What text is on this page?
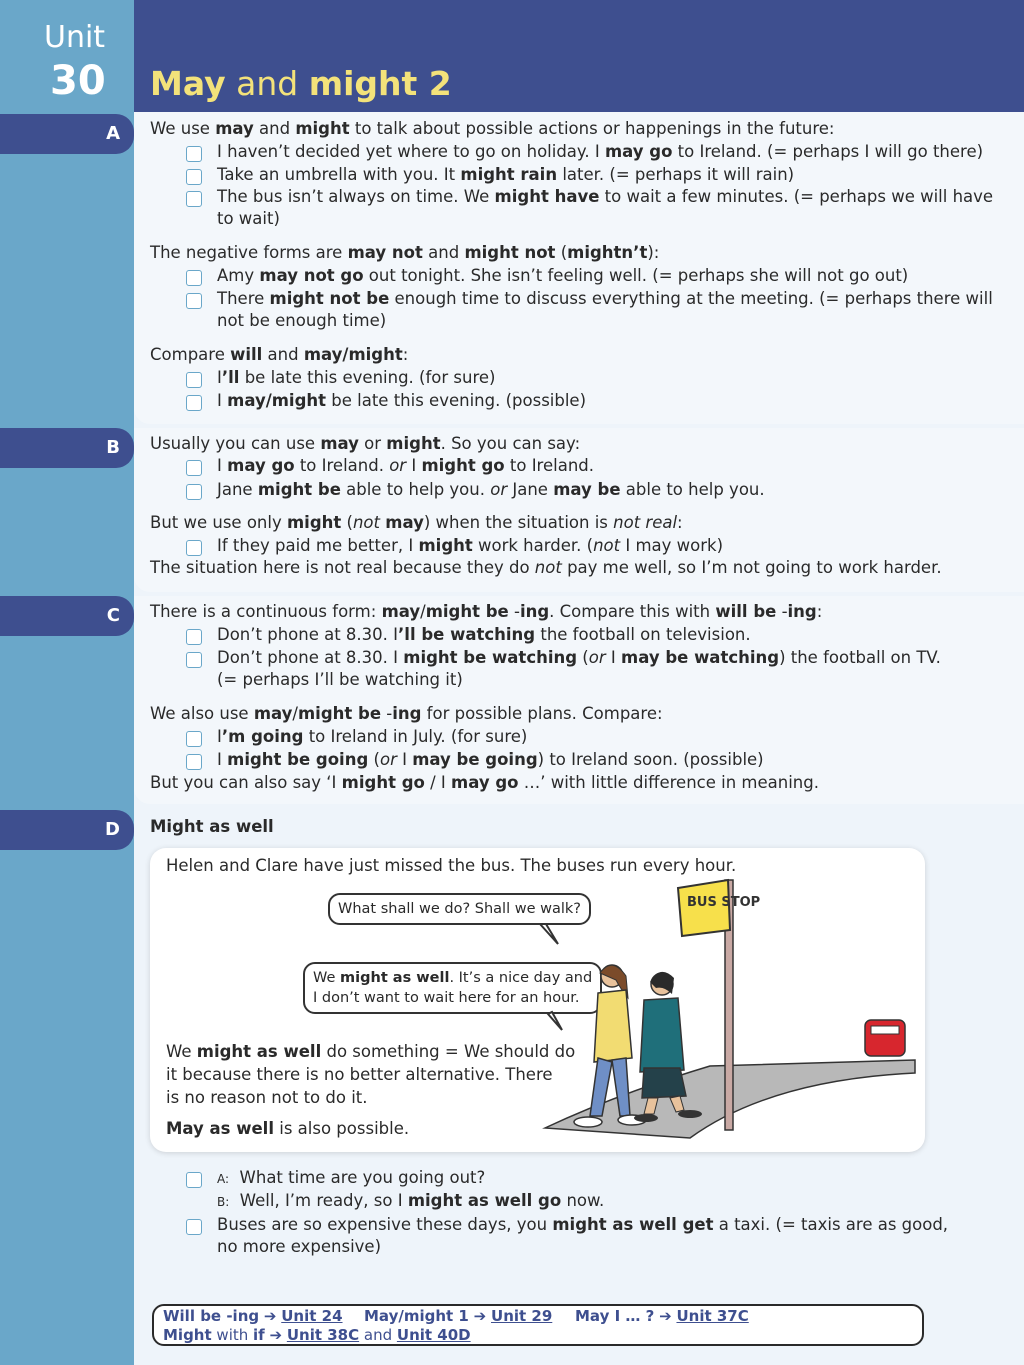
Unit
30 May and might 2
A We use may and might to talk about possible actions or happenings in the future:
I haven’t decided yet where to go on holiday. I may go to Ireland. (= perhaps I will go there)
Take an umbrella with you. It might rain later. (= perhaps it will rain)
The bus isn’t always on time. We might have to wait a few minutes. (= perhaps we will have
to wait)
The negative forms are may not and might not (mightn’t):
Amy may not go out tonight. She isn’t feeling well. (= perhaps she will not go out)
There might not be enough time to discuss everything at the meeting. (= perhaps there will
not be enough time)
Compare will and may/might:
I’ll be late this evening. (for sure)
I may/might be late this evening. (possible)
B Usually you can use may or might. So you can say:
I may go to Ireland. or I might go to Ireland.
Jane might be able to help you. or Jane may be able to help you.
But we use only might (not may) when the situation is not real:
If they paid me better, I might work harder. (not I may work)
The situation here is not real because they do not pay me well, so I’m not going to work harder.
C There is a continuous form: may/might be -ing. Compare this with will be -ing:
Don’t phone at 8.30. I’ll be watching the football on television.
Don’t phone at 8.30. I might be watching (or I may be watching) the football on TV.
(= perhaps I’ll be watching it)
We also use may/might be -ing for possible plans. Compare:
I’m going to Ireland in July. (for sure)
I might be going (or I may be going) to Ireland soon. (possible)
But you can also say ‘I might go / I may go …’ with little difference in meaning.
D Might as well
Helen and Clare have just missed the bus. The buses run every hour.
What shall we do? Shall we walk?
We might as well. It’s a nice day and
I don’t want to wait here for an hour.
We might as well do something = We should do
it because there is no better alternative. There
is no reason not to do it.
May as well is also possible.
BUS STOP
A: What time are you going out?
B: Well, I’m ready, so I might as well go now.
Buses are so expensive these days, you might as well get a taxi. (= taxis are as good,
no more expensive)
Will be -ing ➔ Unit 24 May/might 1 ➔ Unit 29 May I … ? ➔ Unit 37C
Might with if ➔ Unit 38C and Unit 40D
